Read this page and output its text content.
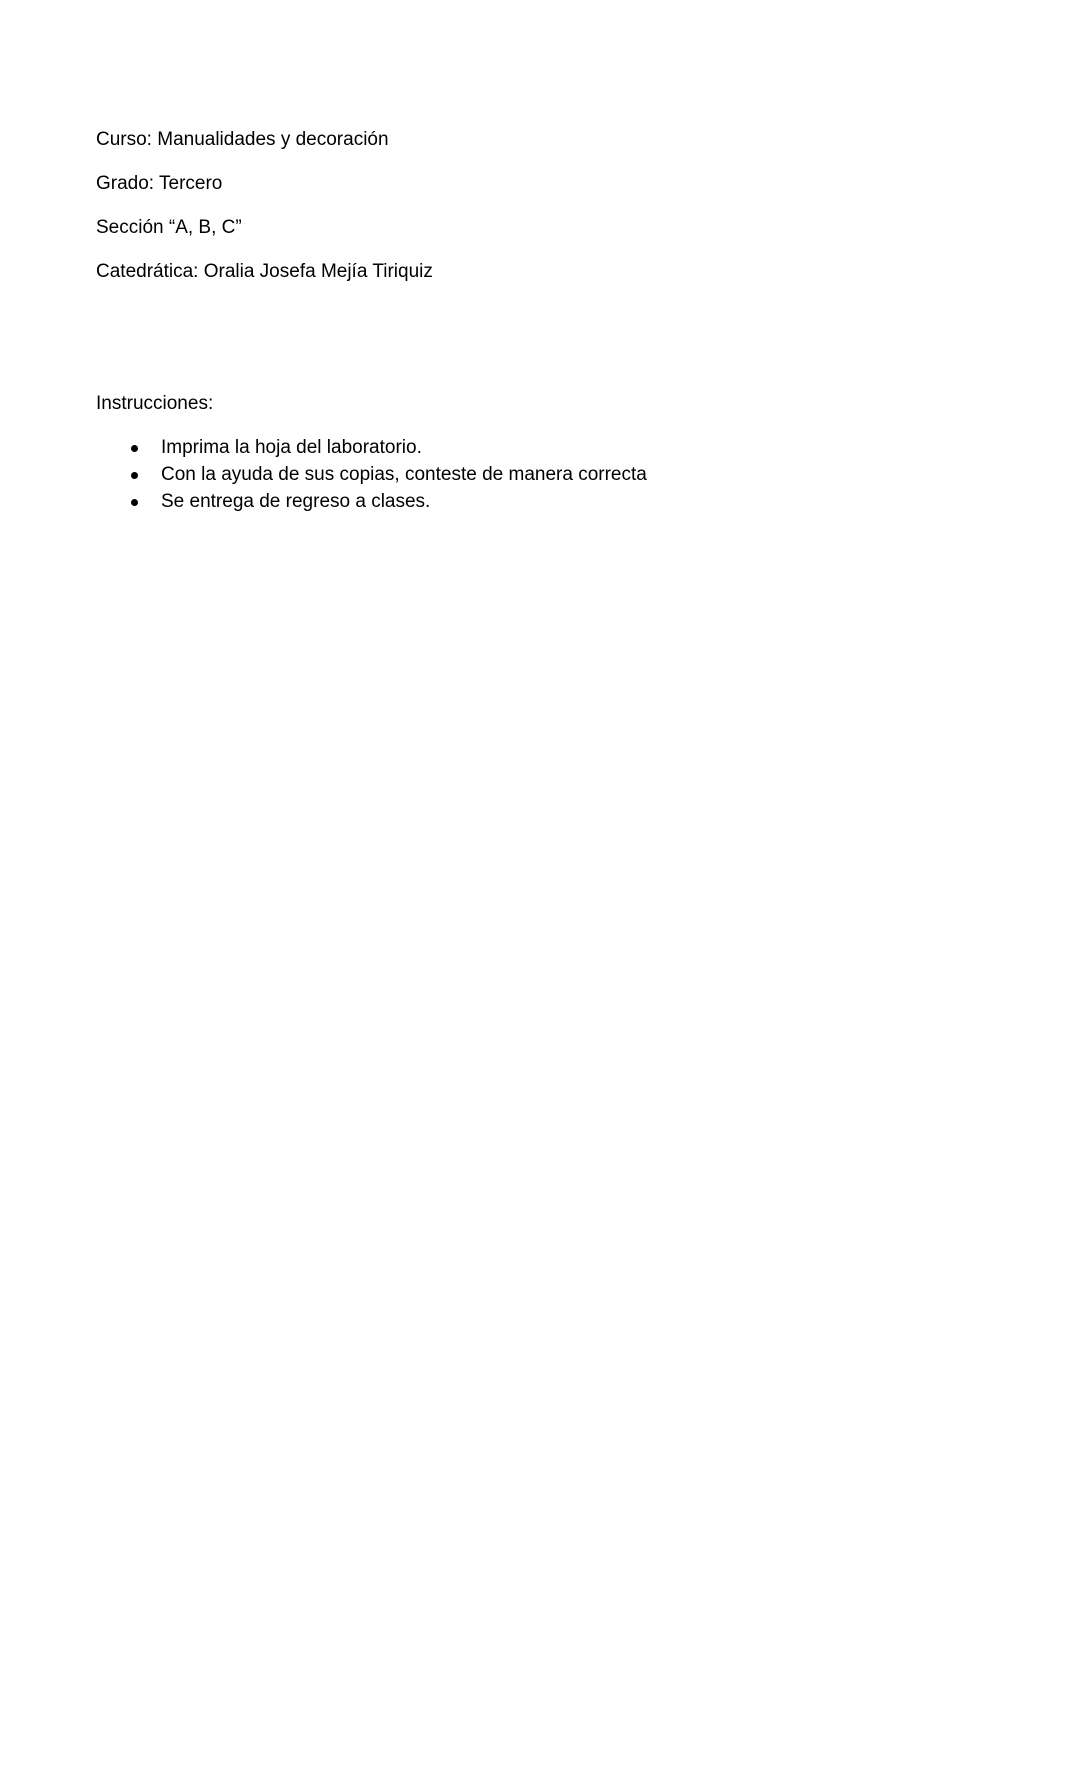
Curso: Manualidades y decoración
Grado: Tercero
Sección “A, B, C”
Catedrática: Oralia Josefa Mejía Tiriquiz
Instrucciones:
Imprima la hoja del laboratorio.
Con la ayuda de sus copias, conteste de manera correcta
Se entrega de regreso a clases.
